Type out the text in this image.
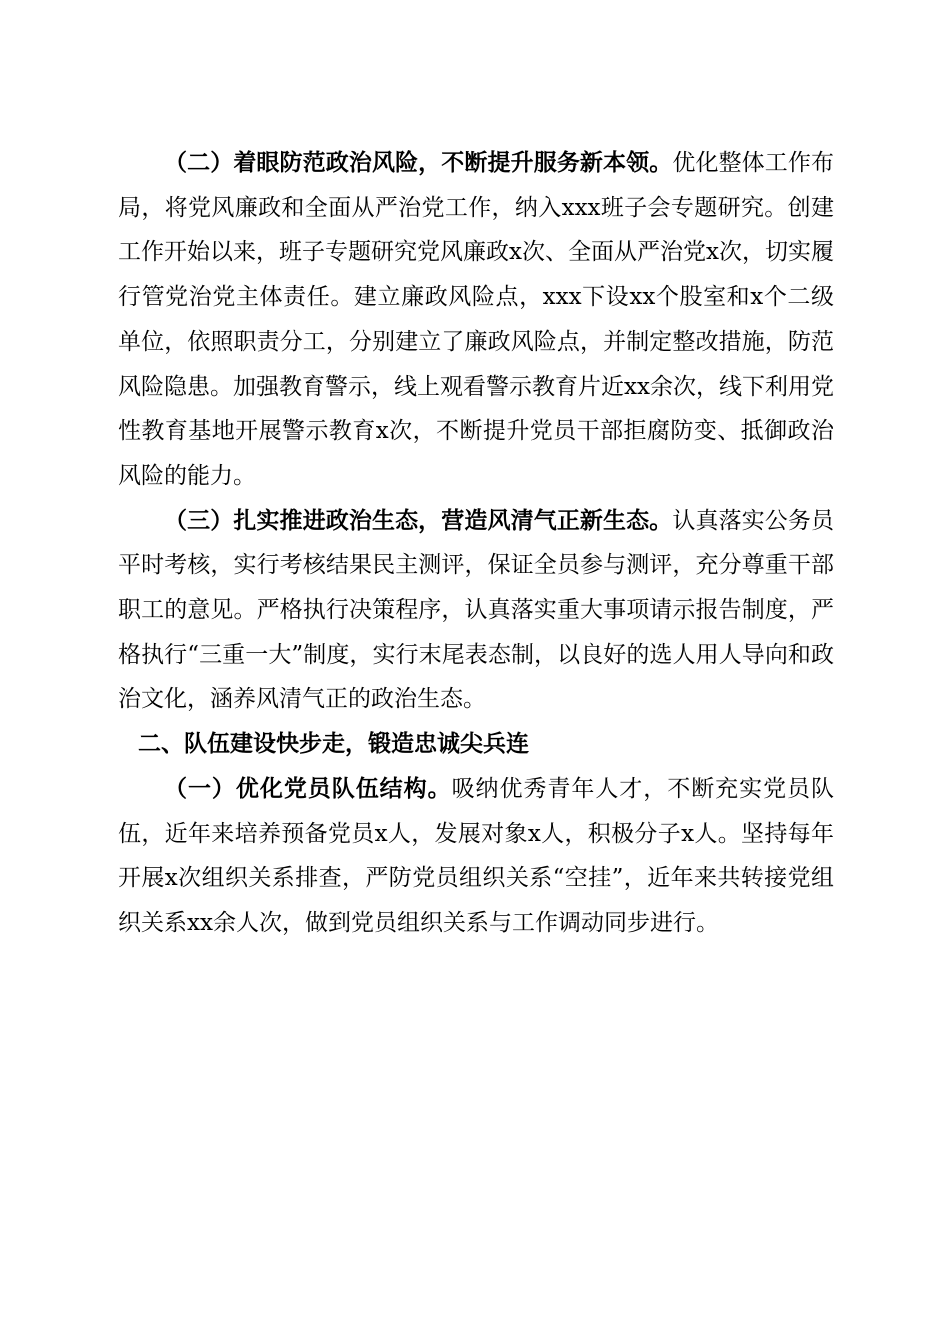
（二）着眼防范政治风险，不断提升服务新本领。优化整体工作布局，将党风廉政和全面从严治党工作，纳入xxx班子会专题研究。创建工作开始以来，班子专题研究党风廉政x次、全面从严治党x次，切实履行管党治党主体责任。建立廉政风险点，xxx下设xx个股室和x个二级单位，依照职责分工，分别建立了廉政风险点，并制定整改措施，防范风险隐患。加强教育警示，线上观看警示教育片近xx余次，线下利用党性教育基地开展警示教育x次，不断提升党员干部拒腐防变、抵御政治风险的能力。

（三）扎实推进政治生态，营造风清气正新生态。认真落实公务员平时考核，实行考核结果民主测评，保证全员参与测评，充分尊重干部职工的意见。严格执行决策程序，认真落实重大事项请示报告制度，严格执行“三重一大”制度，实行末尾表态制，以良好的选人用人导向和政治文化，涵养风清气正的政治生态。

二、队伍建设快步走，锻造忠诚尖兵连

（一）优化党员队伍结构。吸纳优秀青年人才，不断充实党员队伍，近年来培养预备党员x人，发展对象x人，积极分子x人。坚持每年开展x次组织关系排查，严防党员组织关系“空挂”，近年来共转接党组织关系xx余人次，做到党员组织关系与工作调动同步进行。
